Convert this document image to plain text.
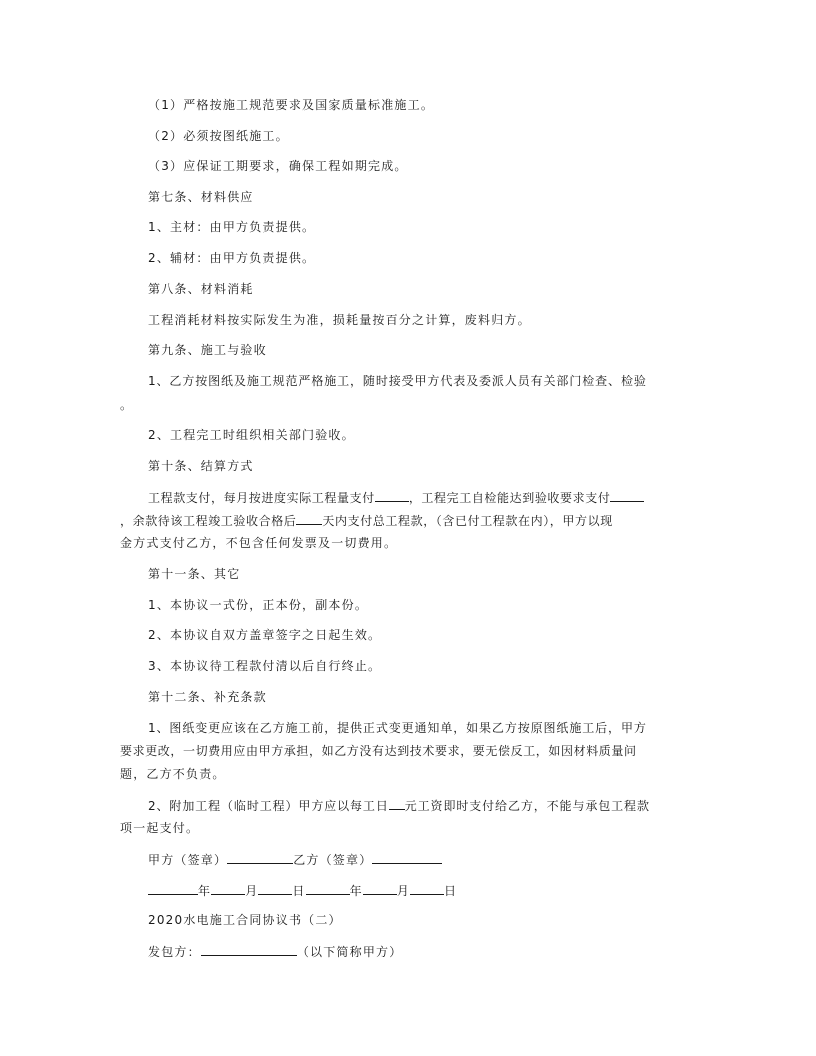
（1）严格按施工规范要求及国家质量标准施工。
（2）必须按图纸施工。
（3）应保证工期要求，确保工程如期完成。
第七条、材料供应
1、主材：由甲方负责提供。
2、辅材：由甲方负责提供。
第八条、材料消耗
工程消耗材料按实际发生为准，损耗量按百分之计算，废料归方。
第九条、施工与验收
1、乙方按图纸及施工规范严格施工，随时接受甲方代表及委派人员有关部门检查、检验
。
2、工程完工时组织相关部门验收。
第十条、结算方式
工程款支付，每月按进度实际工程量支付	，工程完工自检能达到验收要求支付
，余款待该工程竣工验收合格后 天内支付总工程款，（含已付工程款在内），甲方以现
金方式支付乙方，不包含任何发票及一切费用。
第十一条、其它
1、本协议一式份，正本份，副本份。
2、本协议自双方盖章签字之日起生效。
3、本协议待工程款付清以后自行终止。
第十二条、补充条款
1、图纸变更应该在乙方施工前，提供正式变更通知单，如果乙方按原图纸施工后，甲方
要求更改，一切费用应由甲方承担，如乙方没有达到技术要求，要无偿反工，如因材料质量问
题，乙方不负责。
2、附加工程（临时工程）甲方应以每工日 元工资即时支付给乙方，不能与承包工程款
项一起支付。
甲方（签章）	乙方（签章）
年	月	日	年	月	日
2020水电施工合同协议书（二）
发包方：	（以下简称甲方）
